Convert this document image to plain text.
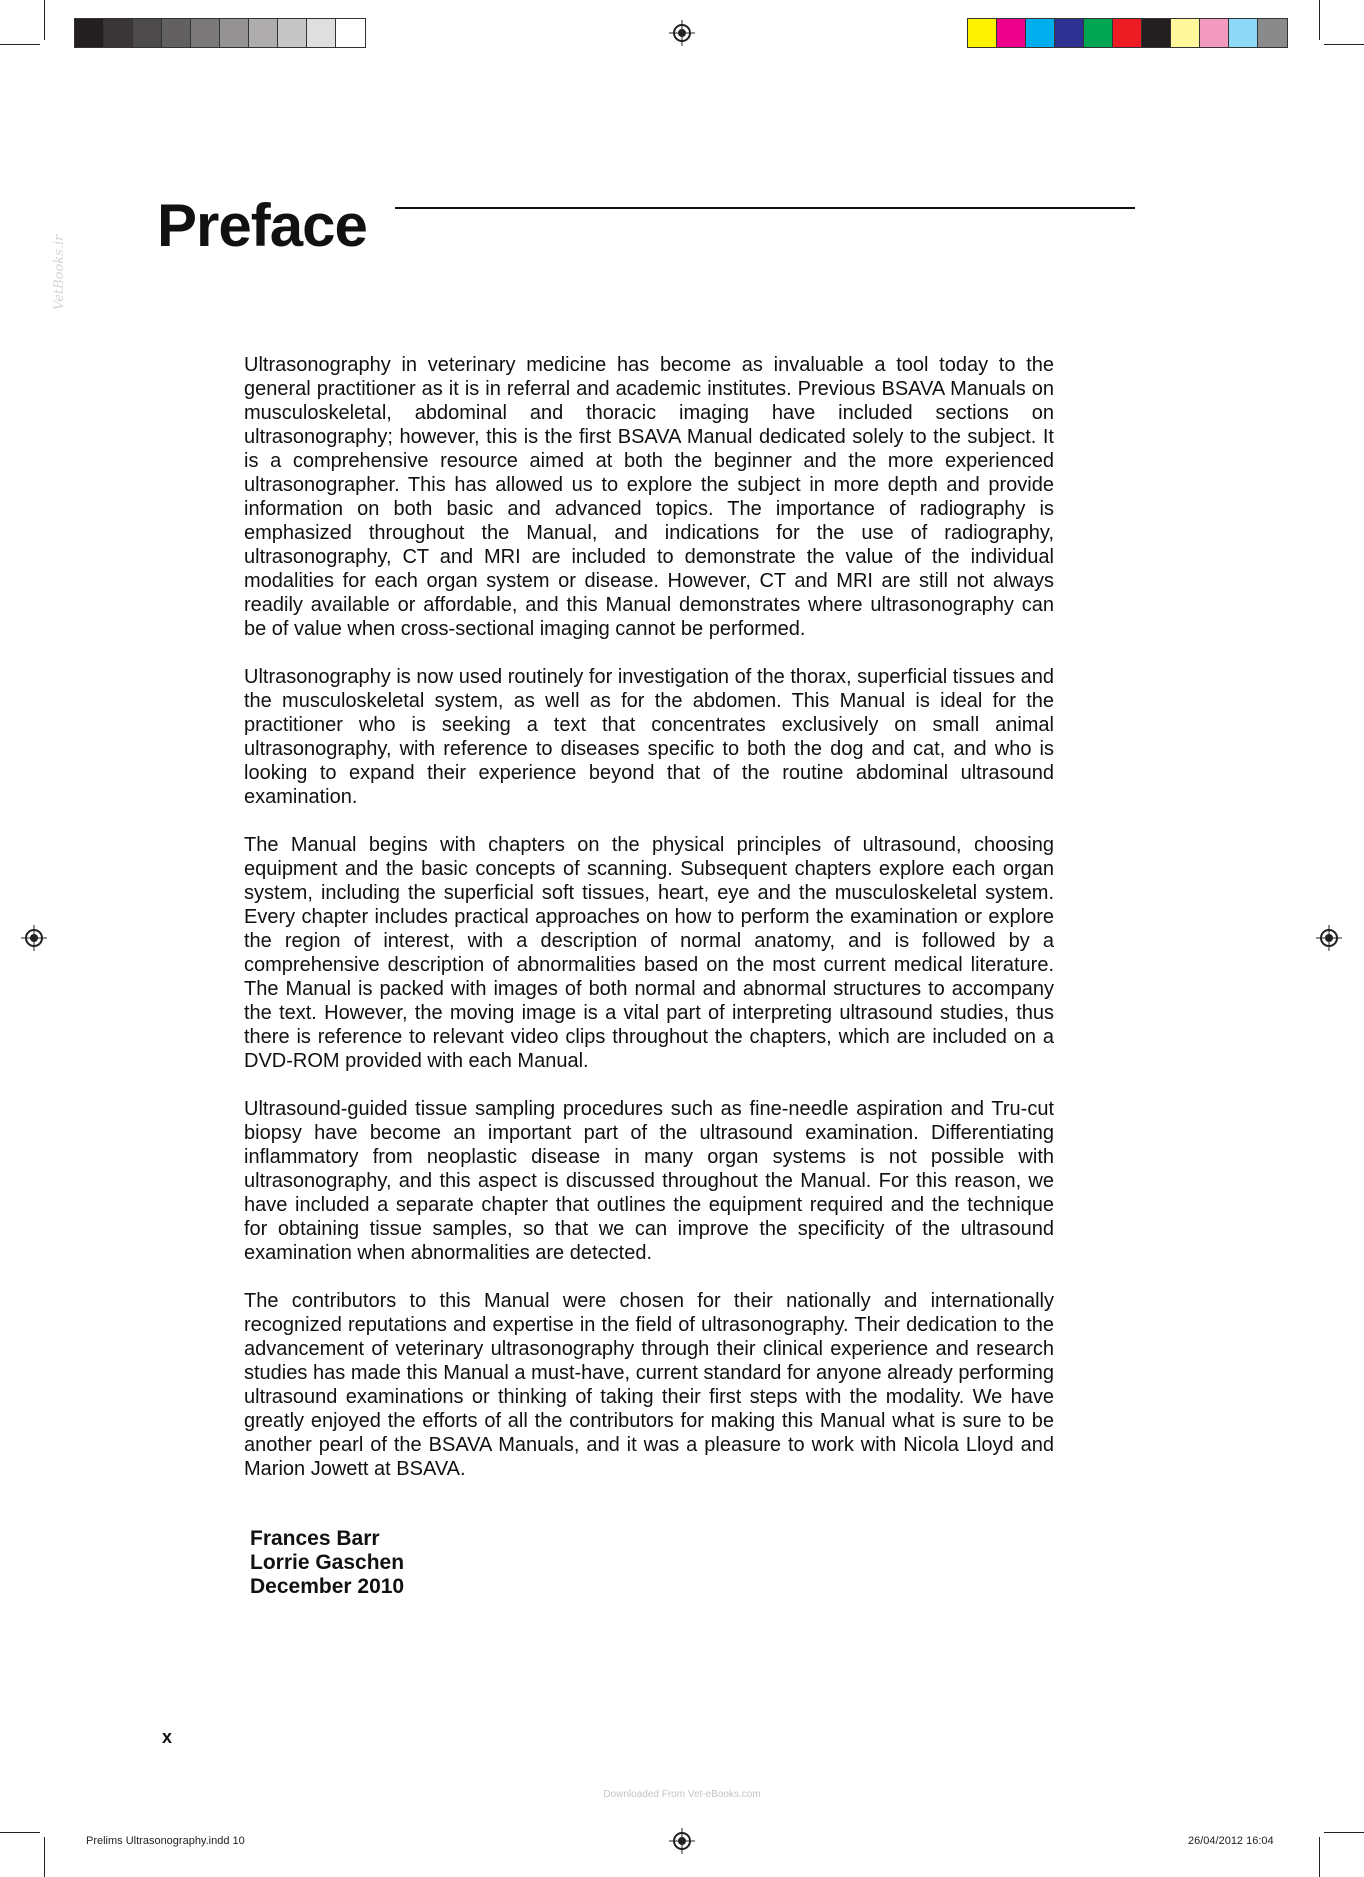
Preface
VetBooks.ir

Ultrasonography in veterinary medicine has become as invaluable a tool today to the general practitioner as it is in referral and academic institutes. Previous BSAVA Manuals on musculoskeletal, abdominal and thoracic imaging have included sections on ultrasonography; however, this is the first BSAVA Manual dedicated solely to the subject. It is a comprehensive resource aimed at both the beginner and the more experienced ultrasonographer. This has allowed us to explore the subject in more depth and provide information on both basic and advanced topics. The importance of radiography is emphasized throughout the Manual, and indications for the use of radiography, ultrasonography, CT and MRI are included to demonstrate the value of the individual modalities for each organ system or disease. However, CT and MRI are still not always readily available or affordable, and this Manual demonstrates where ultrasonography can be of value when cross-sectional imaging cannot be performed.

Ultrasonography is now used routinely for investigation of the thorax, superficial tissues and the musculoskeletal system, as well as for the abdomen. This Manual is ideal for the practitioner who is seeking a text that concentrates exclusively on small animal ultrasonography, with reference to diseases specific to both the dog and cat, and who is looking to expand their experience beyond that of the routine abdominal ultrasound examination.

The Manual begins with chapters on the physical principles of ultrasound, choosing equipment and the basic concepts of scanning. Subsequent chapters explore each organ system, including the superficial soft tissues, heart, eye and the musculoskeletal system. Every chapter includes practical approaches on how to perform the examination or explore the region of interest, with a description of normal anatomy, and is followed by a comprehensive description of abnormalities based on the most current medical literature. The Manual is packed with images of both normal and abnormal structures to accompany the text. However, the moving image is a vital part of interpreting ultrasound studies, thus there is reference to relevant video clips throughout the chapters, which are included on a DVD-ROM provided with each Manual.

Ultrasound-guided tissue sampling procedures such as fine-needle aspiration and Tru-cut biopsy have become an important part of the ultrasound examination. Differentiating inflammatory from neoplastic disease in many organ systems is not possible with ultrasonography, and this aspect is discussed throughout the Manual. For this reason, we have included a separate chapter that outlines the equipment required and the technique for obtaining tissue samples, so that we can improve the specificity of the ultrasound examination when abnormalities are detected.

The contributors to this Manual were chosen for their nationally and internationally recognized reputations and expertise in the field of ultrasonography. Their dedication to the advancement of veterinary ultrasonography through their clinical experience and research studies has made this Manual a must-have, current standard for anyone already performing ultrasound examinations or thinking of taking their first steps with the modality. We have greatly enjoyed the efforts of all the contributors for making this Manual what is sure to be another pearl of the BSAVA Manuals, and it was a pleasure to work with Nicola Lloyd and Marion Jowett at BSAVA.

Frances Barr
Lorrie Gaschen
December 2010
x
Downloaded From Vet-eBooks.com
Prelims Ultrasonography.indd 10	26/04/2012 16:04
